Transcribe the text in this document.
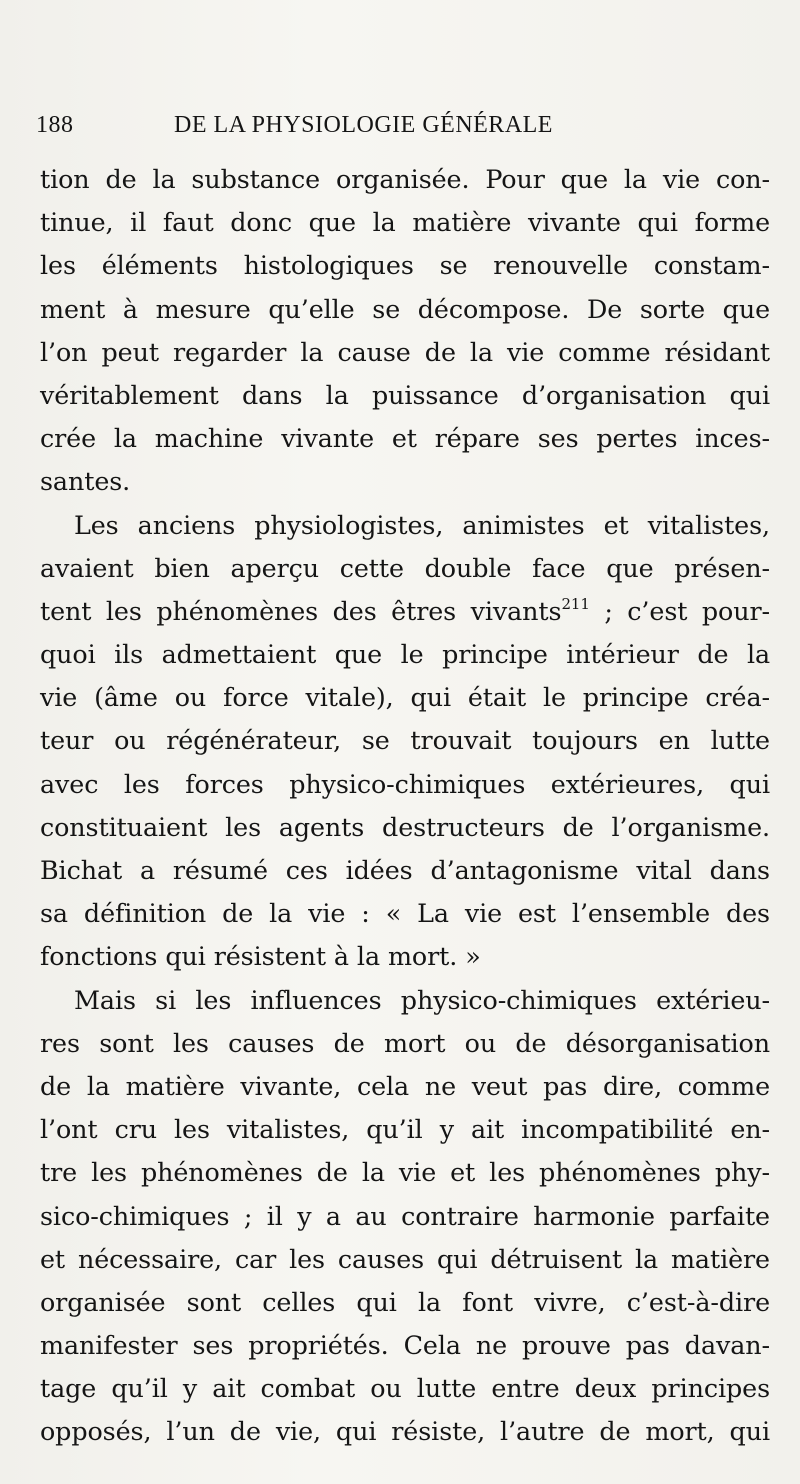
188	DE LA PHYSIOLOGIE GÉNÉRALE
tion de la substance organisée. Pour que la vie con-
tinue, il faut donc que la matière vivante qui forme
les éléments histologiques se renouvelle constam-
ment à mesure qu’elle se décompose. De sorte que
l’on peut regarder la cause de la vie comme résidant
véritablement dans la puissance d’organisation qui
crée la machine vivante et répare ses pertes inces-
santes.
Les anciens physiologistes, animistes et vitalistes,
avaient bien aperçu cette double face que présen-
tent les phénomènes des êtres vivants$^{211}$ ; c’est pour-
quoi ils admettaient que le principe intérieur de la
vie (âme ou force vitale), qui était le principe créa-
teur ou régénérateur, se trouvait toujours en lutte
avec les forces physico-chimiques extérieures, qui
constituaient les agents destructeurs de l’organisme.
Bichat a résumé ces idées d’antagonisme vital dans
sa définition de la vie : « La vie est l’ensemble des
fonctions qui résistent à la mort. »
Mais si les influences physico-chimiques extérieu-
res sont les causes de mort ou de désorganisation
de la matière vivante, cela ne veut pas dire, comme
l’ont cru les vitalistes, qu’il y ait incompatibilité en-
tre les phénomènes de la vie et les phénomènes phy-
sico-chimiques ; il y a au contraire harmonie parfaite
et nécessaire, car les causes qui détruisent la matière
organisée sont celles qui la font vivre, c’est-à-dire
manifester ses propriétés. Cela ne prouve pas davan-
tage qu’il y ait combat ou lutte entre deux principes
opposés, l’un de vie, qui résiste, l’autre de mort, qui
